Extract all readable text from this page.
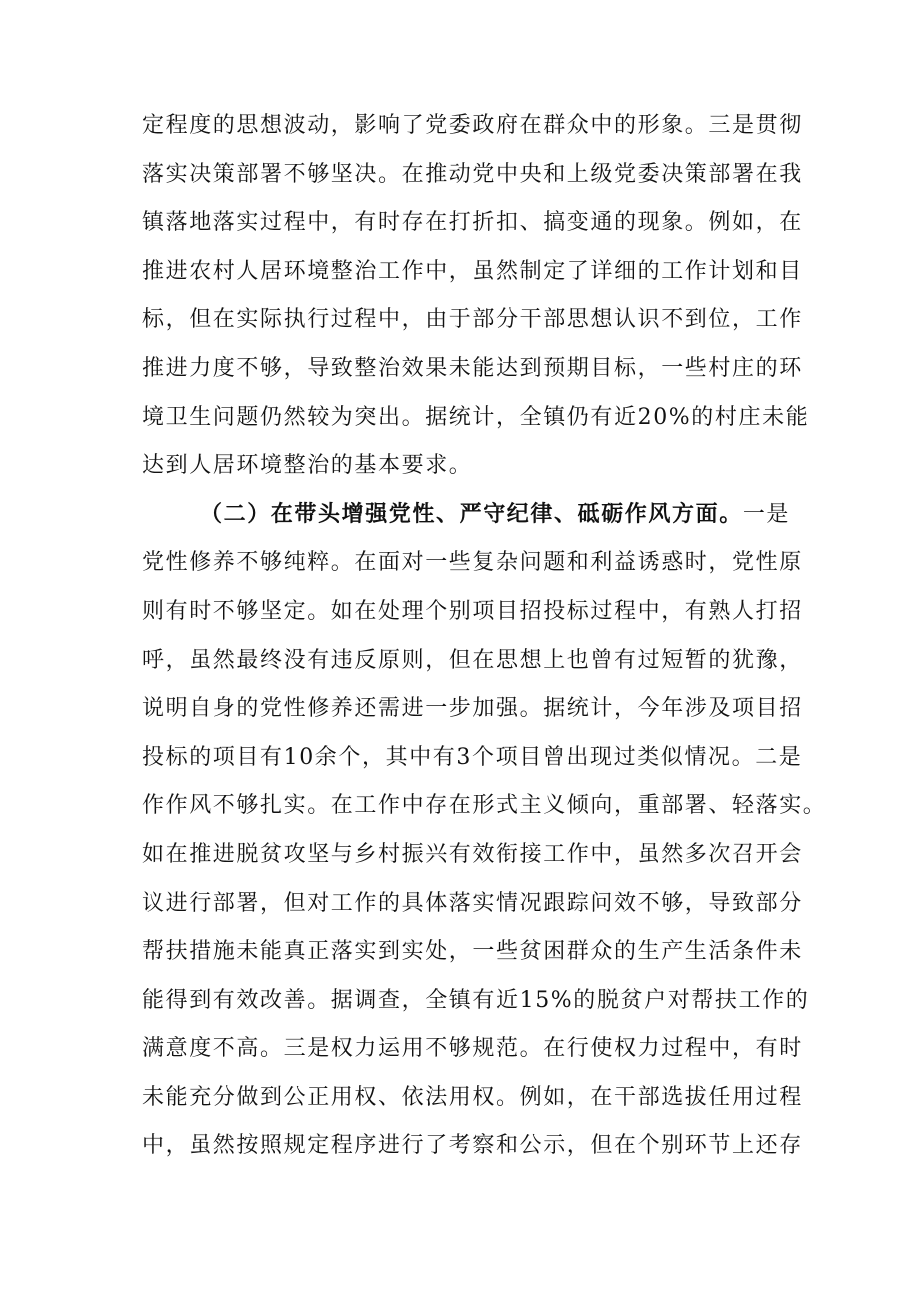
定程度的思想波动，影响了党委政府在群众中的形象。三是贯彻
落实决策部署不够坚决。在推动党中央和上级党委决策部署在我
镇落地落实过程中，有时存在打折扣、搞变通的现象。例如，在
推进农村人居环境整治工作中，虽然制定了详细的工作计划和目
标，但在实际执行过程中，由于部分干部思想认识不到位，工作
推进力度不够，导致整治效果未能达到预期目标，一些村庄的环
境卫生问题仍然较为突出。据统计，全镇仍有近20%的村庄未能
达到人居环境整治的基本要求。
（二）在带头增强党性、严守纪律、砥砺作风方面。一是
党性修养不够纯粹。在面对一些复杂问题和利益诱惑时，党性原
则有时不够坚定。如在处理个别项目招投标过程中，有熟人打招
呼，虽然最终没有违反原则，但在思想上也曾有过短暂的犹豫，
说明自身的党性修养还需进一步加强。据统计，今年涉及项目招
投标的项目有10余个，其中有3个项目曾出现过类似情况。二是
作作风不够扎实。在工作中存在形式主义倾向，重部署、轻落实。
如在推进脱贫攻坚与乡村振兴有效衔接工作中，虽然多次召开会
议进行部署，但对工作的具体落实情况跟踪问效不够，导致部分
帮扶措施未能真正落实到实处，一些贫困群众的生产生活条件未
能得到有效改善。据调查，全镇有近15%的脱贫户对帮扶工作的
满意度不高。三是权力运用不够规范。在行使权力过程中，有时
未能充分做到公正用权、依法用权。例如，在干部选拔任用过程
中，虽然按照规定程序进行了考察和公示，但在个别环节上还存
